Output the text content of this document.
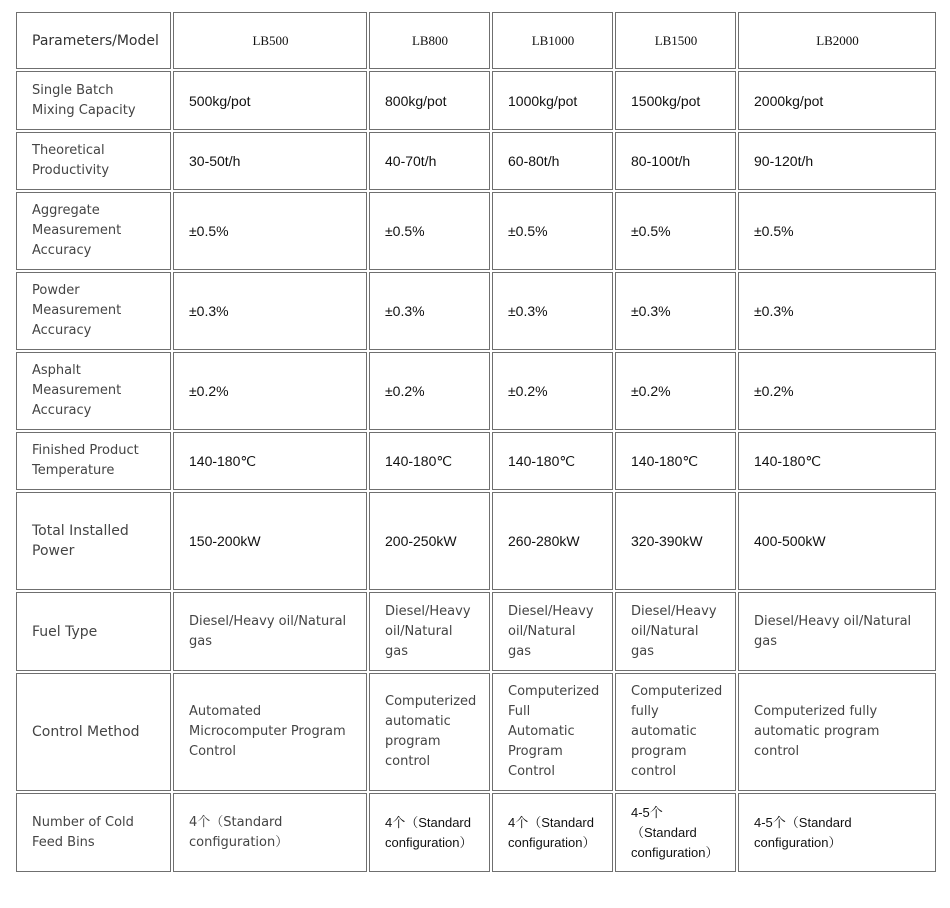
Parameters/Model	LB500	LB800	LB1000	LB1500	LB2000
Single Batch Mixing Capacity	500kg/pot	800kg/pot	1000kg/pot	1500kg/pot	2000kg/pot
Theoretical Productivity	30-50t/h	40-70t/h	60-80t/h	80-100t/h	90-120t/h
Aggregate Measurement Accuracy	±0.5%	±0.5%	±0.5%	±0.5%	±0.5%
Powder Measurement Accuracy	±0.3%	±0.3%	±0.3%	±0.3%	±0.3%
Asphalt Measurement Accuracy	±0.2%	±0.2%	±0.2%	±0.2%	±0.2%
Finished Product Temperature	140-180℃	140-180℃	140-180℃	140-180℃	140-180℃
Total Installed Power	150-200kW	200-250kW	260-280kW	320-390kW	400-500kW
Fuel Type	Diesel/Heavy oil/Natural gas	Diesel/Heavy oil/Natural gas	Diesel/Heavy oil/Natural gas	Diesel/Heavy oil/Natural gas	Diesel/Heavy oil/Natural gas
Control Method	Automated Microcomputer Program Control	Computerized automatic program control	Computerized Full Automatic Program Control	Computerized fully automatic program control	Computerized fully automatic program control
Number of Cold Feed Bins	4个（Standard configuration）	4个（Standard configuration）	4个（Standard configuration）	4-5个（Standard configuration）	4-5个（Standard configuration）
